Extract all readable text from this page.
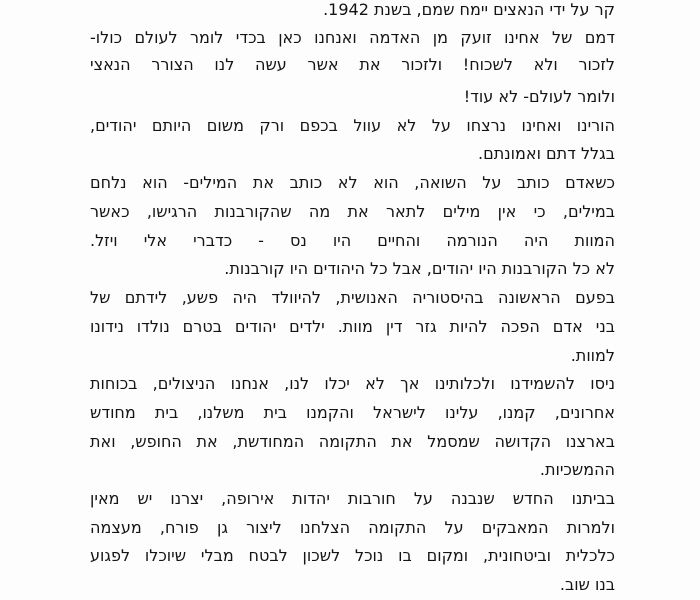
קר על ידי הנאצים יימח שמם, בשנת 1942.
דמם של אחינו זועק מן האדמה ואנחנו כאן בכדי לומר לעולם כולו-
לזכור ולא לשכוח! ולזכור את אשר עשה לנו הצורר הנאצי
ולומר לעולם- לא עוד!
הורינו ואחינו נרצחו על לא עוול בכפם ורק משום היותם יהודים,
בגלל דתם ואמונתם.
כשאדם כותב על השואה, הוא לא כותב את המילים- הוא נלחם
במילים, כי אין מילים לתאר את מה שהקורבנות הרגישו, כאשר
המוות היה הנורמה והחיים היו נס - כדברי אלי ויזל.
לא כל הקורבנות היו יהודים, אבל כל היהודים היו קורבנות.
בפעם הראשונה בהיסטוריה האנושית, להיוולד היה פשע, לידתם של
בני אדם הפכה להיות גזר דין מוות. ילדים יהודים בטרם נולדו נידונו
למוות.
ניסו להשמידנו ולכלותינו אך לא יכלו לנו, אנחנו הניצולים, בכוחות
אחרונים, קמנו, עלינו לישראל והקמנו בית משלנו, בית מחודש
בארצנו הקדושה שמסמל את התקומה המחודשת, את החופש, ואת
ההמשכיות.
בביתנו החדש שנבנה על חורבות יהדות אירופה, יצרנו יש מאין
ולמרות המאבקים על התקומה הצלחנו ליצור גן פורח, מעצמה
כלכלית וביטחונית, ומקום בו נוכל לשכון לבטח מבלי שיוכלו לפגוע
בנו שוב.
